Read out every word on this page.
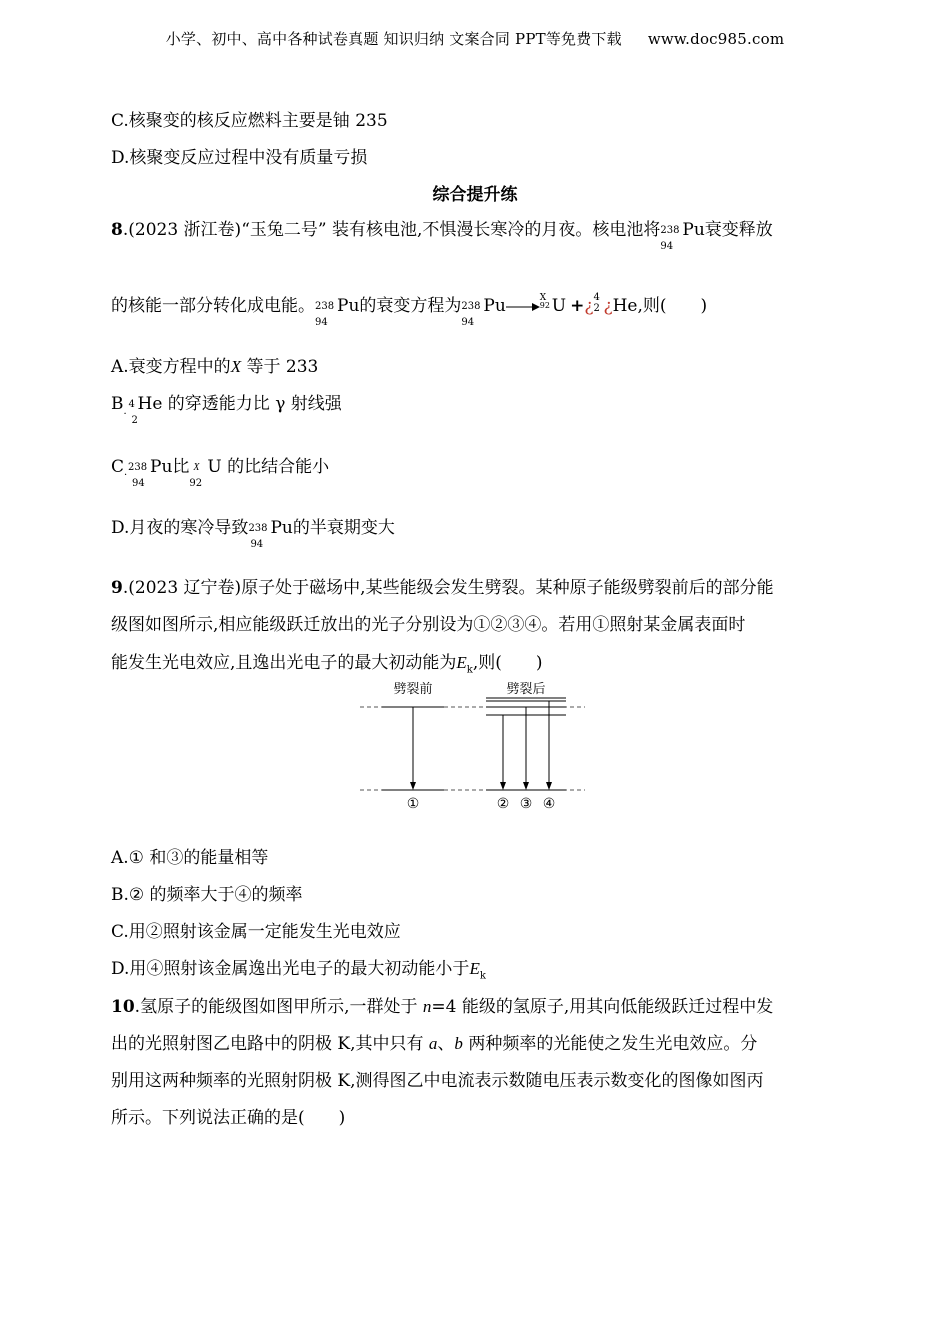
小学、初中、高中各种试卷真题 知识归纳 文案合同 PPT等免费下载 www.doc985.com
C.核聚变的核反应燃料主要是铀 235
D.核聚变反应过程中没有质量亏损
综合提升练
8.(2023 浙江卷)“玉兔二号” 装有核电池,不惧漫长寒冷的月夜。核电池将 238
94
Pu衰变释放
的核能一部分转化成电能。 238
94
Pu的衰变方程为 238
94
Pu→
X
92 U +¿ 4
2 ¿He,则(　　)
A.衰变方程中的X 等于 233
B 4
·
2
He 的穿透能力比 γ 射线强
C 238
·
94
Pu比 X
92
U 的比结合能小
D.月夜的寒冷导致 238
94
Pu的半衰期变大
9.(2023 辽宁卷)原子处于磁场中,某些能级会发生劈裂。某种原子能级劈裂前后的部分能
级图如图所示,相应能级跃迁放出的光子分别设为①②③④。若用①照射某金属表面时
能发生光电效应,且逸出光电子的最大初动能为$E_k$,则(　　)
劈裂前	劈裂后
①	② ③ ④
A.① 和③的能量相等
B.② 的频率大于④的频率
C.用②照射该金属一定能发生光电效应
D.用④照射该金属逸出光电子的最大初动能小于$E_k$
10.氢原子的能级图如图甲所示,一群处于 n=4 能级的氢原子,用其向低能级跃迁过程中发
出的光照射图乙电路中的阴极 K,其中只有 a、b 两种频率的光能使之发生光电效应。分
别用这两种频率的光照射阴极 K,测得图乙中电流表示数随电压表示数变化的图像如图丙
所示。下列说法正确的是(　　)
